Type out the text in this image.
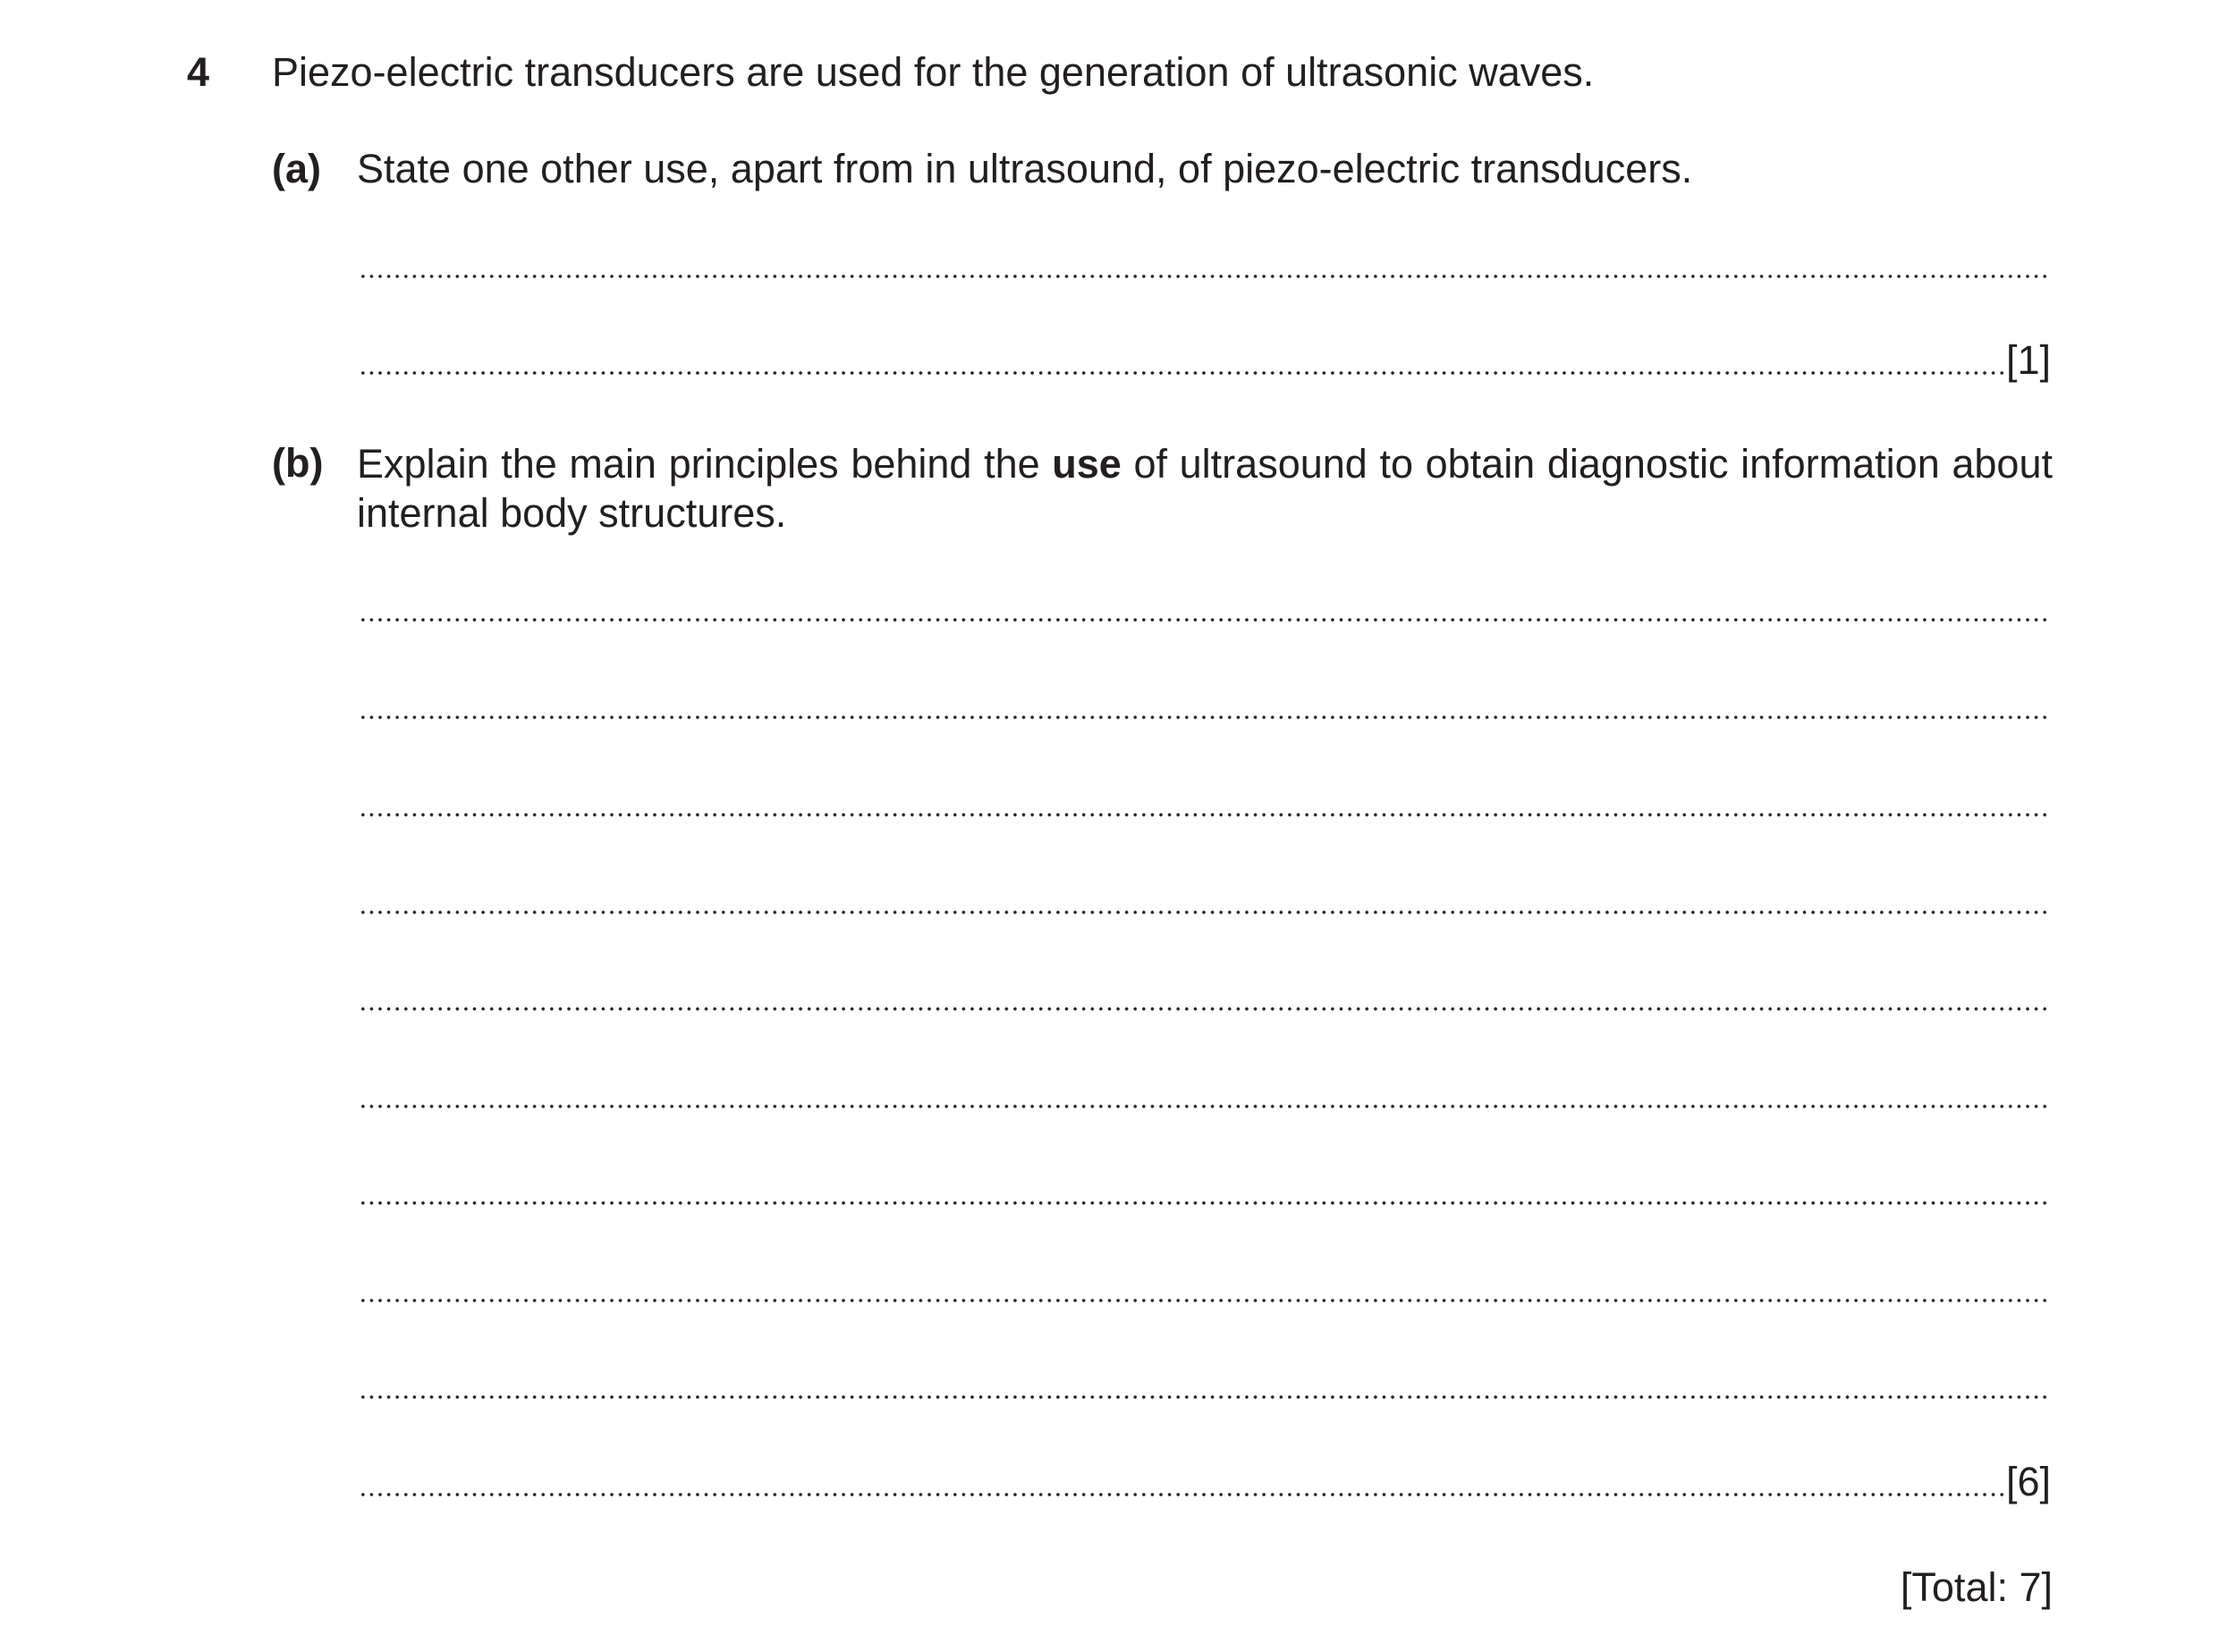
4 Piezo-electric transducers are used for the generation of ultrasonic waves.
(a) State one other use, apart from in ultrasound, of piezo-electric transducers.
[1]
(b) Explain the main principles behind the use of ultrasound to obtain diagnostic information about internal body structures.
[6]
[Total: 7]
